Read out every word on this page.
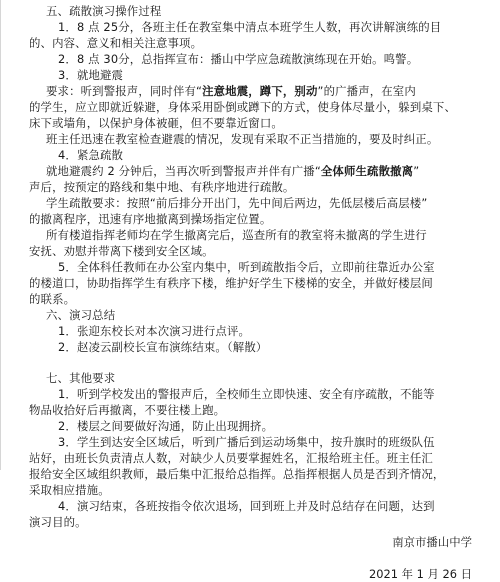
五、疏散演习操作过程
1．8 点 25分，各班主任在教室集中清点本班学生人数，再次讲解演练的目
的、内容、意义和相关注意事项。
2．8 点 30分，总指挥宣布：播山中学应急疏散演练现在开始。鸣警。
3．就地避震
要求：听到警报声，同时伴有“注意地震，蹲下，别动”的广播声，在室内
的学生，应立即就近躲避，身体采用卧倒或蹲下的方式，使身体尽量小，躲到桌下、
床下或墙角，以保护身体被砸，但不要靠近窗口。
班主任迅速在教室检查避震的情况，发现有采取不正当措施的，要及时纠正。
4．紧急疏散
就地避震约 2 分钟后，当再次听到警报声并伴有广播“全体师生疏散撤离”
声后，按预定的路线和集中地、有秩序地进行疏散。
学生疏散要求：按照“前后排分开出门，先中间后两边，先低层楼后高层楼”
的撤离程序，迅速有序地撤离到操场指定位置。
所有楼道指挥老师均在学生撤离完后，巡查所有的教室将未撤离的学生进行
安抚、劝慰并带离下楼到安全区域。
5．全体科任教师在办公室内集中，听到疏散指令后，立即前往靠近办公室
的楼道口，协助指挥学生有秩序下楼，维护好学生下楼梯的安全，并做好楼层间
的联系。
六、演习总结
1．张迎东校长对本次演习进行点评。
2．赵凌云副校长宣布演练结束。（解散）
七、其他要求
1．听到学校发出的警报声后，全校师生立即快速、安全有序疏散，不能等
物品收拾好后再撤离，不要往楼上跑。
2．楼层之间要做好沟通，防止出现拥挤。
3．学生到达安全区域后，听到广播后到运动场集中，按升旗时的班级队伍
站好，由班长负责清点人数，对缺少人员要掌握姓名，汇报给班主任。班主任汇
报给安全区域组织教师，最后集中汇报给总指挥。总指挥根据人员是否到齐情况，
采取相应措施。
4．演习结束，各班按指令依次退场，回到班上并及时总结存在问题，达到
演习目的。
南京市播山中学
2021 年 1 月 26 日
